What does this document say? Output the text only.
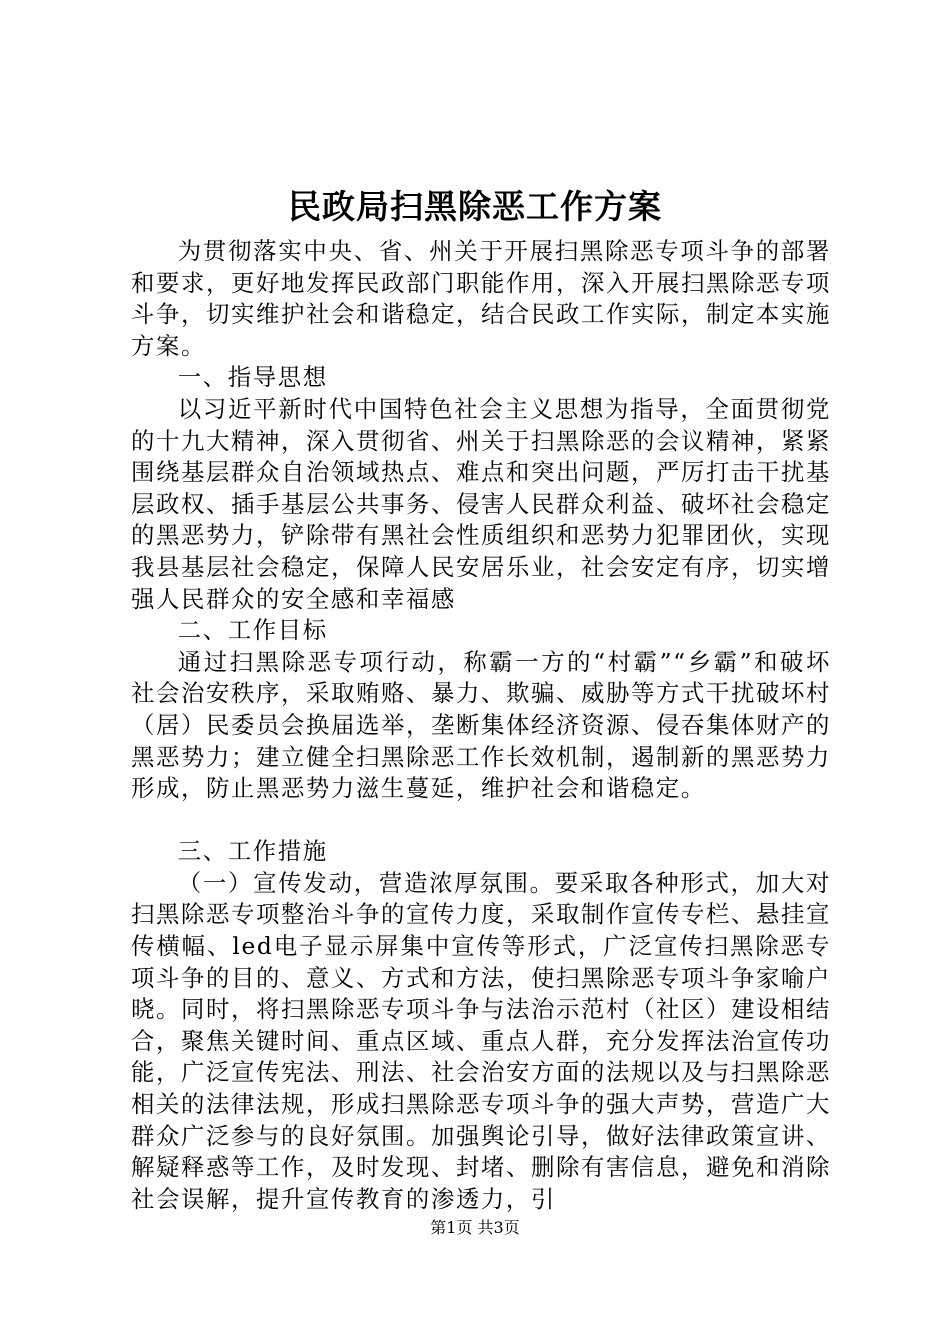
民政局扫黑除恶工作方案

为贯彻落实中央、省、州关于开展扫黑除恶专项斗争的部署和要求，更好地发挥民政部门职能作用，深入开展扫黑除恶专项斗争，切实维护社会和谐稳定，结合民政工作实际，制定本实施方案。

一、指导思想

以习近平新时代中国特色社会主义思想为指导，全面贯彻党的十九大精神，深入贯彻省、州关于扫黑除恶的会议精神，紧紧围绕基层群众自治领域热点、难点和突出问题，严厉打击干扰基层政权、插手基层公共事务、侵害人民群众利益、破坏社会稳定的黑恶势力，铲除带有黑社会性质组织和恶势力犯罪团伙，实现我县基层社会稳定，保障人民安居乐业，社会安定有序，切实增强人民群众的安全感和幸福感

二、工作目标

通过扫黑除恶专项行动，称霸一方的“村霸”“乡霸”和破坏社会治安秩序，采取贿赂、暴力、欺骗、威胁等方式干扰破坏村（居）民委员会换届选举，垄断集体经济资源、侵吞集体财产的黑恶势力；建立健全扫黑除恶工作长效机制，遏制新的黑恶势力形成，防止黑恶势力滋生蔓延，维护社会和谐稳定。

三、工作措施

（一）宣传发动，营造浓厚氛围。要采取各种形式，加大对扫黑除恶专项整治斗争的宣传力度，采取制作宣传专栏、悬挂宣传横幅、led电子显示屏集中宣传等形式，广泛宣传扫黑除恶专项斗争的目的、意义、方式和方法，使扫黑除恶专项斗争家喻户晓。同时，将扫黑除恶专项斗争与法治示范村（社区）建设相结合，聚焦关键时间、重点区域、重点人群，充分发挥法治宣传功能，广泛宣传宪法、刑法、社会治安方面的法规以及与扫黑除恶相关的法律法规，形成扫黑除恶专项斗争的强大声势，营造广大群众广泛参与的良好氛围。加强舆论引导，做好法律政策宣讲、解疑释惑等工作，及时发现、封堵、删除有害信息，避免和消除社会误解，提升宣传教育的渗透力，引

第1页 共3页
